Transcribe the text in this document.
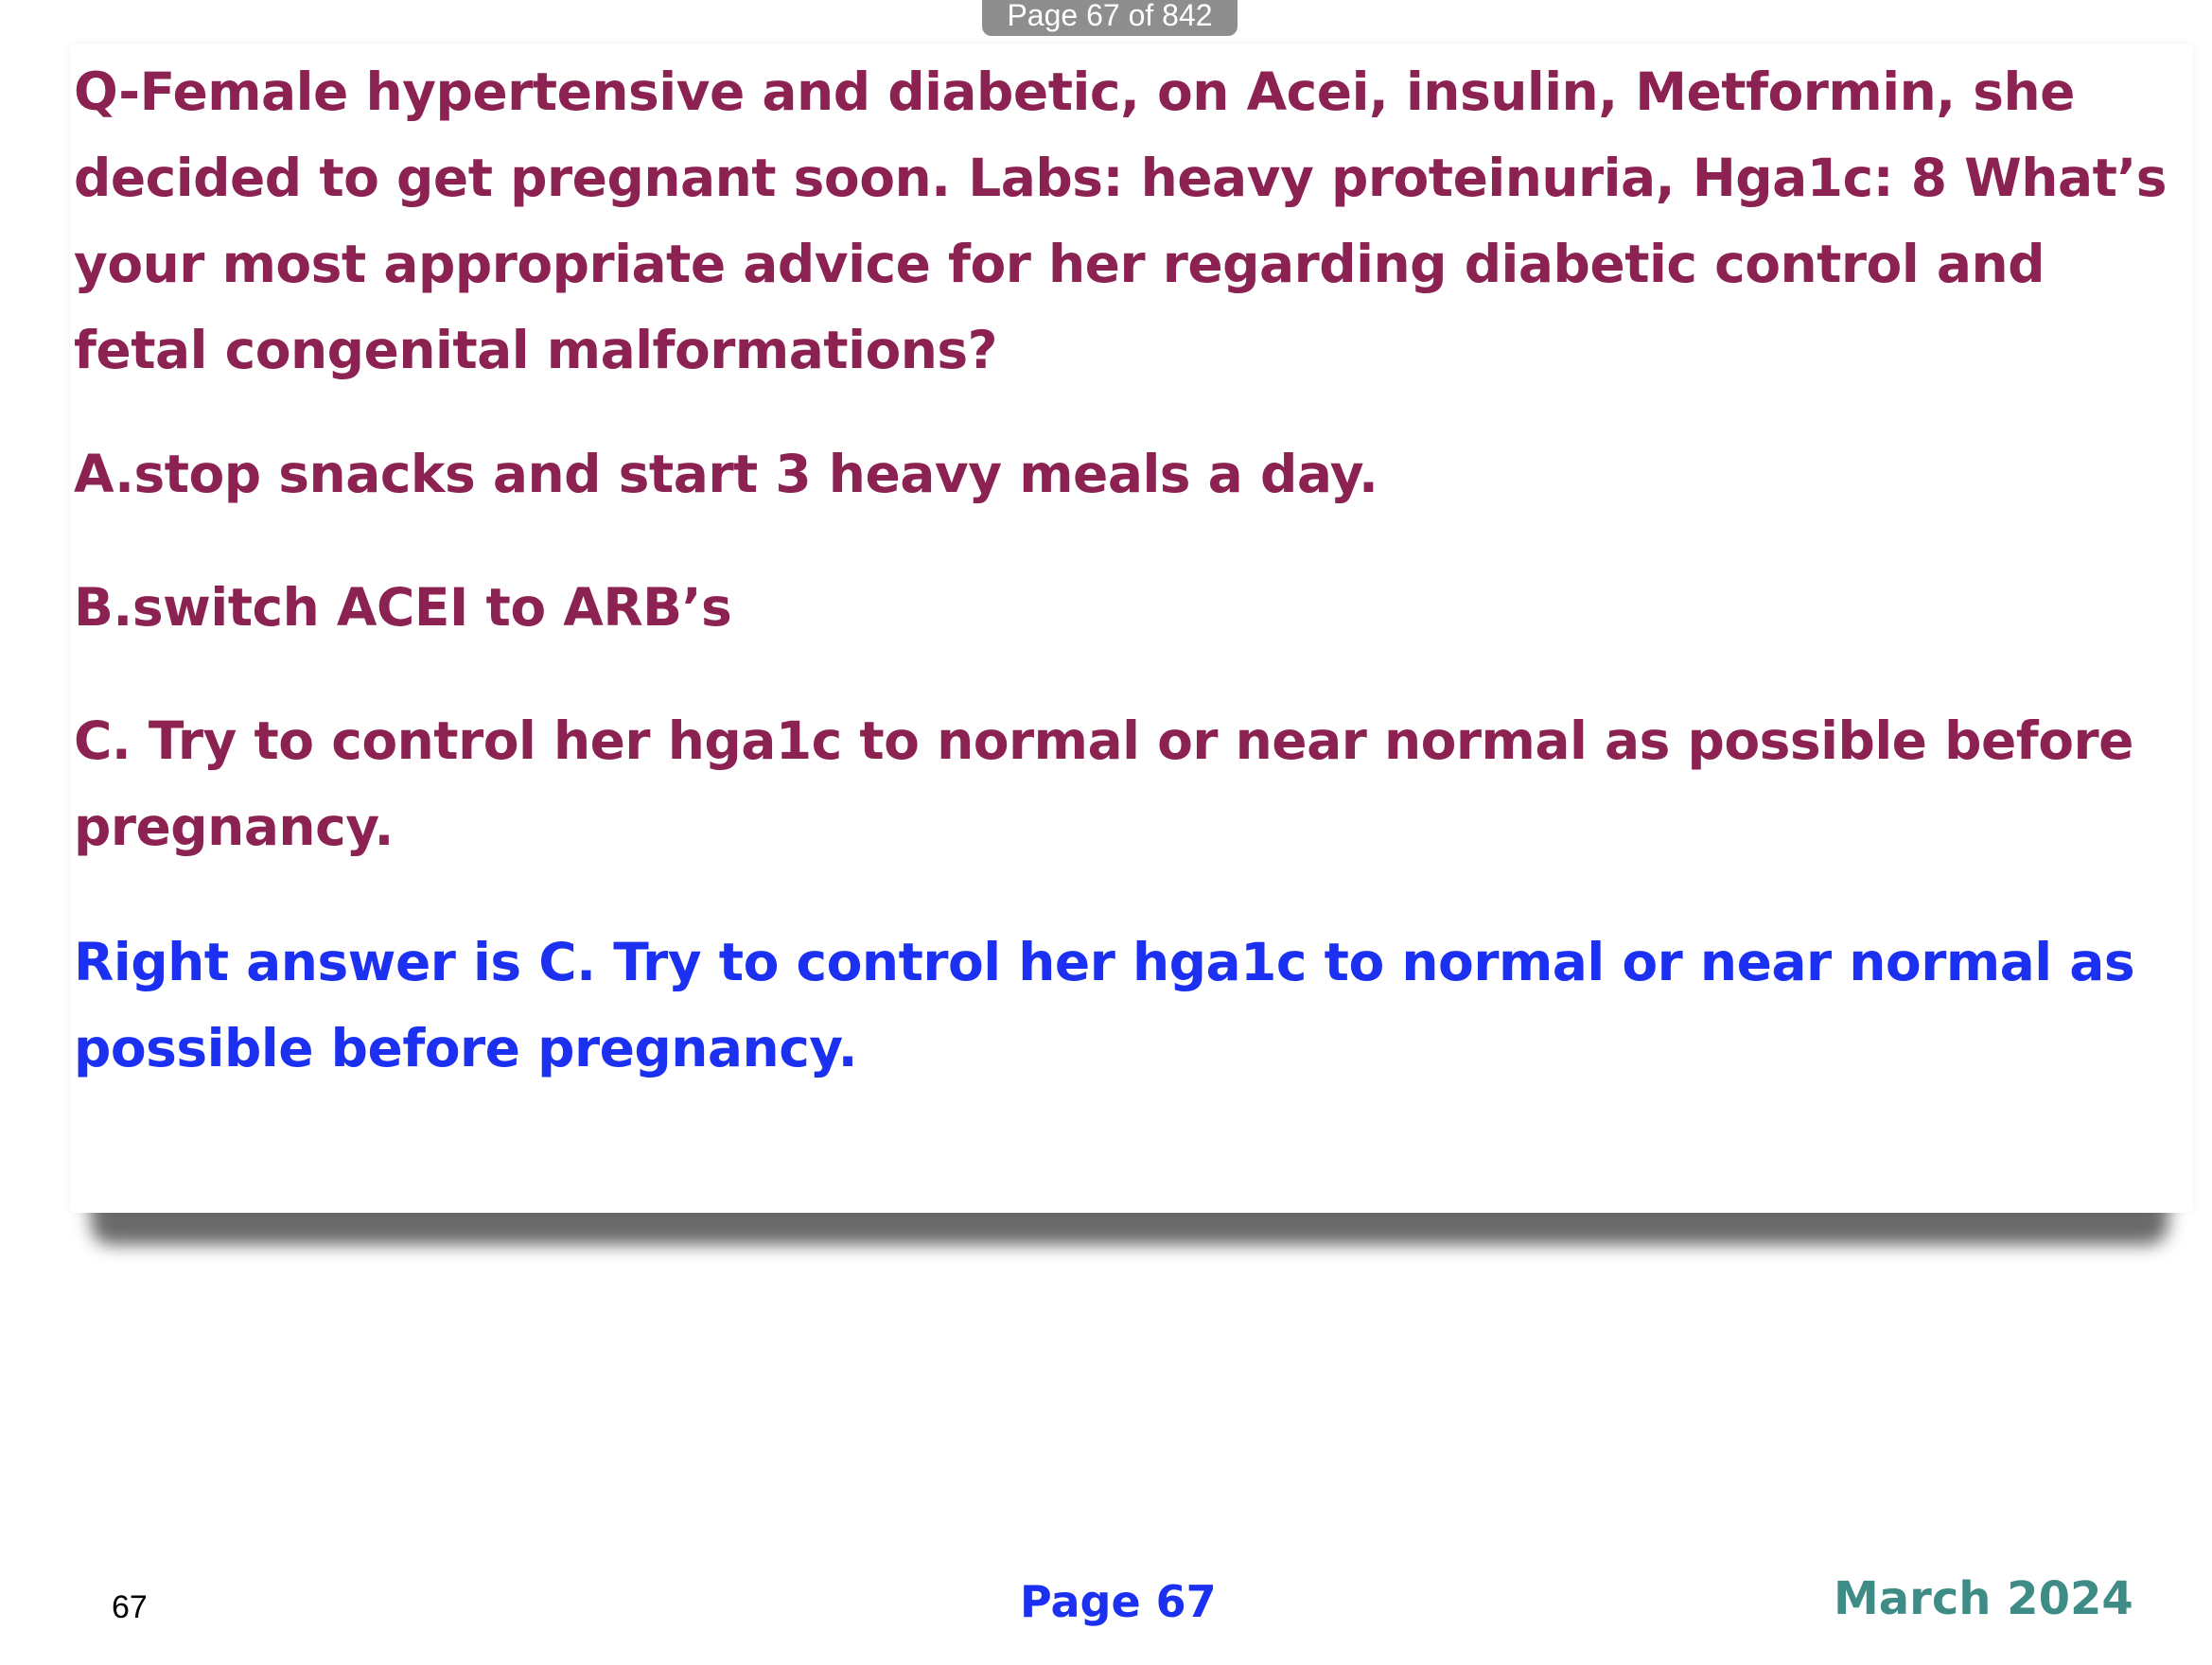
Page 67 of 842

Q-Female hypertensive and diabetic, on Acei, insulin, Metformin, she decided to get pregnant soon. Labs: heavy proteinuria, Hga1c: 8 What’s your most appropriate advice for her regarding diabetic control and fetal congenital malformations?

A.stop snacks and start 3 heavy meals a day.

B.switch ACEI to ARB’s

C. Try to control her hga1c to normal or near normal as possible before pregnancy.

Right answer is C. Try to control her hga1c to normal or near normal as possible before pregnancy.

67	Page 67	March 2024
